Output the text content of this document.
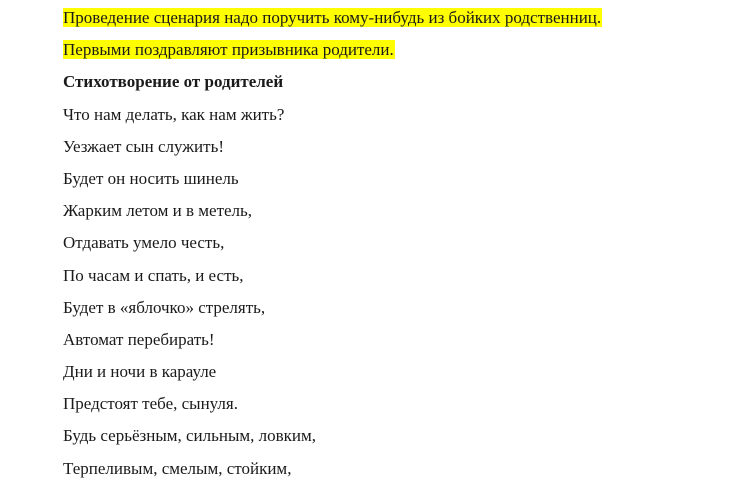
Проведение сценария надо поручить кому-нибудь из бойких родственниц.
Первыми поздравляют призывника родители.
Стихотворение от родителей
Что нам делать, как нам жить?
Уезжает сын служить!
Будет он носить шинель
Жарким летом и в метель,
Отдавать умело честь,
По часам и спать, и есть,
Будет в «яблочко» стрелять,
Автомат перебирать!
Дни и ночи в карауле
Предстоят тебе, сынуля.
Будь серьёзным, сильным, ловким,
Терпеливым, смелым, стойким,
